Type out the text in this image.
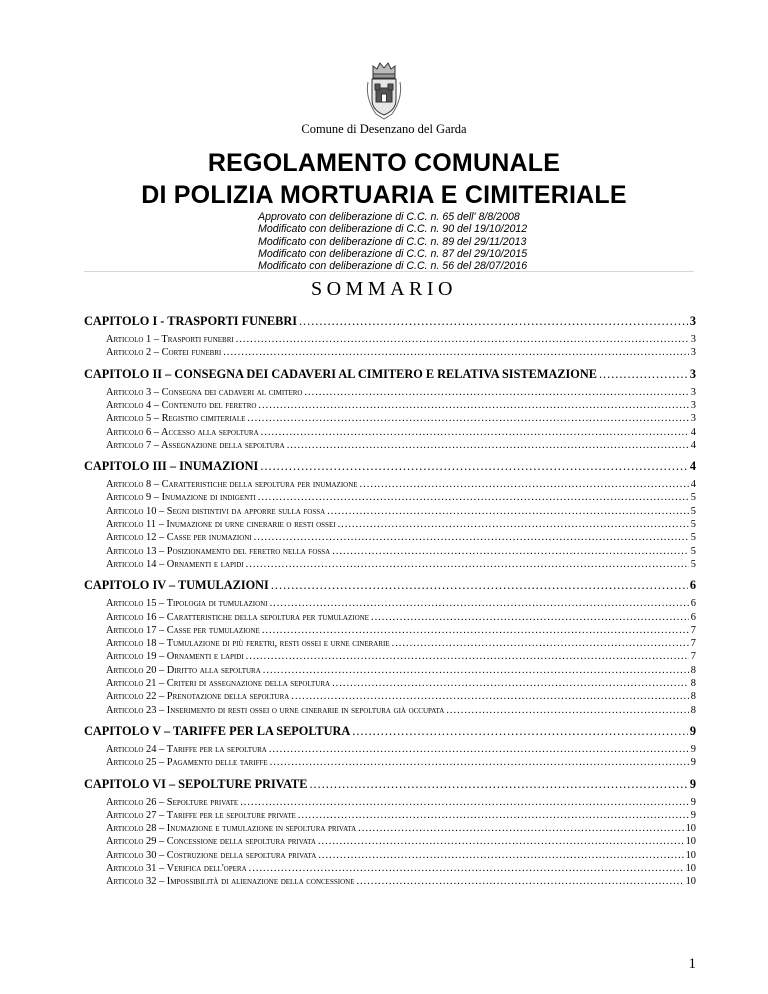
Comune di Desenzano del Garda
REGOLAMENTO COMUNALE
DI POLIZIA MORTUARIA E CIMITERIALE
Approvato con deliberazione di C.C. n. 65 dell' 8/8/2008
Modificato con deliberazione di C.C. n. 90 del 19/10/2012
Modificato con deliberazione di C.C. n. 89 del 29/11/2013
Modificato con deliberazione di C.C. n. 87 del 29/10/2015
Modificato con deliberazione di C.C. n. 56 del 28/07/2016
SOMMARIO
CAPITOLO I - TRASPORTI FUNEBRI .....	3
Articolo 1 – Trasporti funebri .....	3
Articolo 2 – Cortei funebri .....	3
CAPITOLO II – CONSEGNA DEI CADAVERI AL CIMITERO E RELATIVA SISTEMAZIONE .....	3
Articolo 3 – Consegna dei cadaveri al cimitero .....	3
Articolo 4 – Contenuto del feretro .....	3
Articolo 5 – Registro cimiteriale .....	3
Articolo 6 – Accesso alla sepoltura .....	4
Articolo 7 – Assegnazione della sepoltura .....	4
CAPITOLO III – INUMAZIONI .....	4
Articolo 8 – Caratteristiche della sepoltura per inumazione .....	4
Articolo 9 – Inumazione di indigenti .....	5
Articolo 10 – Segni distintivi da apporre sulla fossa .....	5
Articolo 11 – Inumazione di urne cinerarie o resti ossei .....	5
Articolo 12 – Casse per inumazioni .....	5
Articolo 13 – Posizionamento del feretro nella fossa .....	5
Articolo 14 – Ornamenti e lapidi .....	5
CAPITOLO IV – TUMULAZIONI .....	6
Articolo 15 – Tipologia di tumulazioni .....	6
Articolo 16 – Caratteristiche della sepoltura per tumulazione .....	6
Articolo 17 – Casse per tumulazione .....	7
Articolo 18 – Tumulazione di più feretri, resti ossei e urne cinerarie .....	7
Articolo 19 – Ornamenti e lapidi .....	7
Articolo 20 – Diritto alla sepoltura .....	8
Articolo 21 – Criteri di assegnazione della sepoltura .....	8
Articolo 22 – Prenotazione della sepoltura .....	8
Articolo 23 – Inserimento di resti ossei o urne cinerarie in sepoltura già occupata .....	8
CAPITOLO V – TARIFFE PER LA SEPOLTURA .....	9
Articolo 24 – Tariffe per la sepoltura .....	9
Articolo 25 – Pagamento delle tariffe .....	9
CAPITOLO VI – SEPOLTURE PRIVATE .....	9
Articolo 26 – Sepolture private .....	9
Articolo 27 – Tariffe per le sepolture private .....	9
Articolo 28 – Inumazione e tumulazione in sepoltura privata .....	10
Articolo 29 – Concessione della sepoltura privata .....	10
Articolo 30 – Costruzione della sepoltura privata .....	10
Articolo 31 – Verifica dell'opera .....	10
Articolo 32 – Impossibilità di alienazione della concessione .....	10
1
